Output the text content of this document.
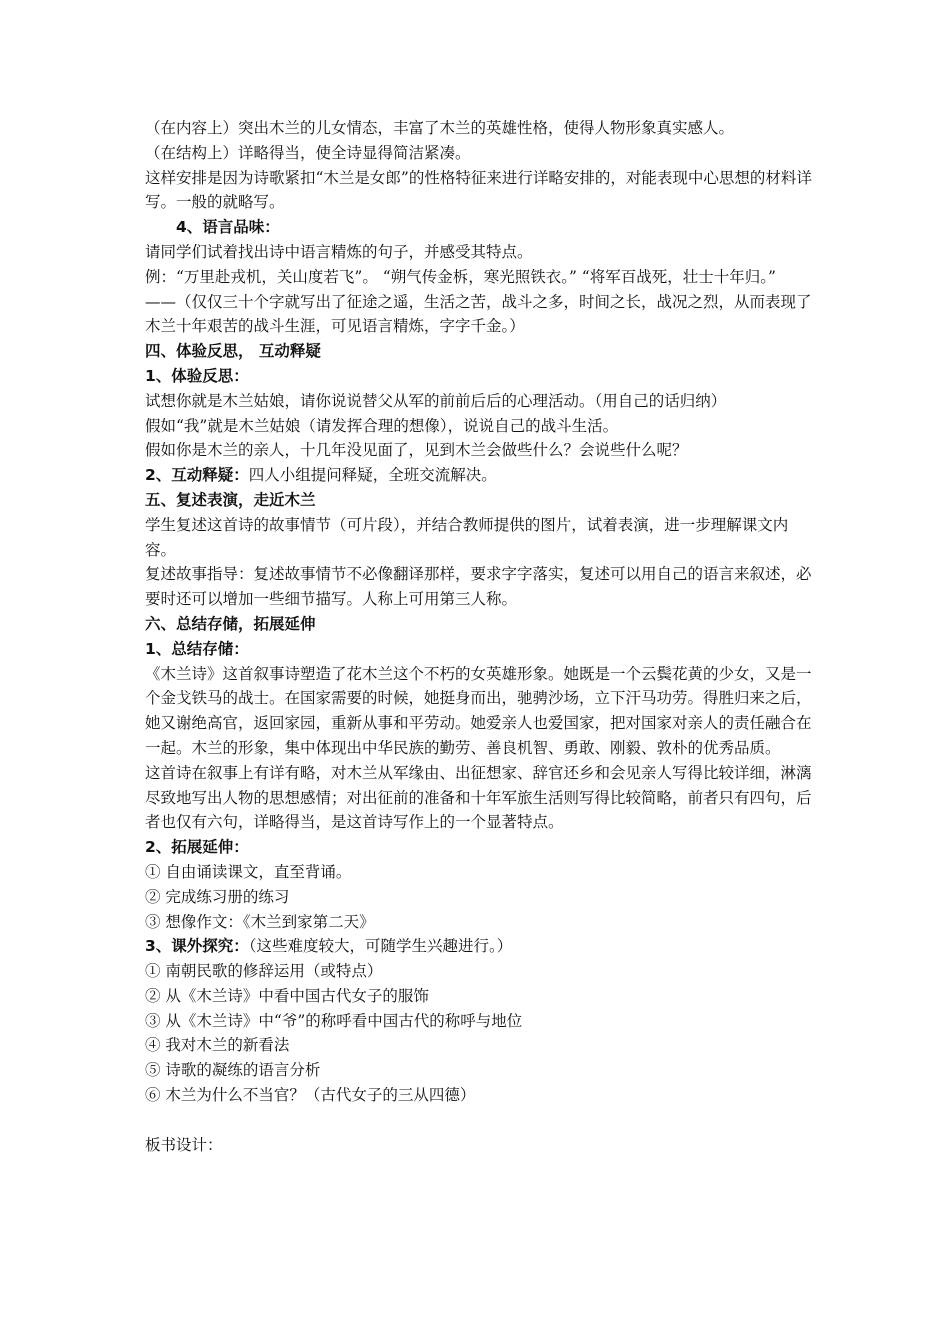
（在内容上）突出木兰的儿女情态，丰富了木兰的英雄性格，使得人物形象真实感人。
（在结构上）详略得当，使全诗显得简洁紧凑。
这样安排是因为诗歌紧扣“木兰是女郎”的性格特征来进行详略安排的，对能表现中心思想的材料详写。一般的就略写。
4、语言品味：
请同学们试着找出诗中语言精炼的句子，并感受其特点。
例：“万里赴戎机，关山度若飞”。 “朔气传金柝，寒光照铁衣。” “将军百战死，壮士十年归。”
——（仅仅三十个字就写出了征途之遥，生活之苦，战斗之多，时间之长，战况之烈，从而表现了木兰十年艰苦的战斗生涯，可见语言精炼，字字千金。）
四、体验反思， 互动释疑
1、体验反思：
试想你就是木兰姑娘，请你说说替父从军的前前后后的心理活动。（用自己的话归纳）
假如“我”就是木兰姑娘（请发挥合理的想像），说说自己的战斗生活。
假如你是木兰的亲人，十几年没见面了，见到木兰会做些什么？会说些什么呢？
2、互动释疑：四人小组提问释疑，全班交流解决。
五、复述表演，走近木兰
学生复述这首诗的故事情节（可片段），并结合教师提供的图片，试着表演，进一步理解课文内容。
复述故事指导：复述故事情节不必像翻译那样，要求字字落实，复述可以用自己的语言来叙述，必要时还可以增加一些细节描写。人称上可用第三人称。
六、总结存储，拓展延伸
1、总结存储：
《木兰诗》这首叙事诗塑造了花木兰这个不朽的女英雄形象。她既是一个云鬓花黄的少女，又是一个金戈铁马的战士。在国家需要的时候，她挺身而出，驰骋沙场，立下汗马功劳。得胜归来之后，她又谢绝高官，返回家园，重新从事和平劳动。她爱亲人也爱国家，把对国家对亲人的责任融合在一起。木兰的形象，集中体现出中华民族的勤劳、善良机智、勇敢、刚毅、敦朴的优秀品质。
这首诗在叙事上有详有略，对木兰从军缘由、出征想家、辞官还乡和会见亲人写得比较详细，淋漓尽致地写出人物的思想感情；对出征前的准备和十年军旅生活则写得比较简略，前者只有四句，后者也仅有六句，详略得当，是这首诗写作上的一个显著特点。
2、拓展延伸：
① 自由诵读课文，直至背诵。
② 完成练习册的练习
③ 想像作文：《木兰到家第二天》
3、课外探究：（这些难度较大，可随学生兴趣进行。）
① 南朝民歌的修辞运用（或特点）
② 从《木兰诗》中看中国古代女子的服饰
③ 从《木兰诗》中“爷”的称呼看中国古代的称呼与地位
④ 我对木兰的新看法
⑤ 诗歌的凝练的语言分析
⑥ 木兰为什么不当官？（古代女子的三从四德）
板书设计：
